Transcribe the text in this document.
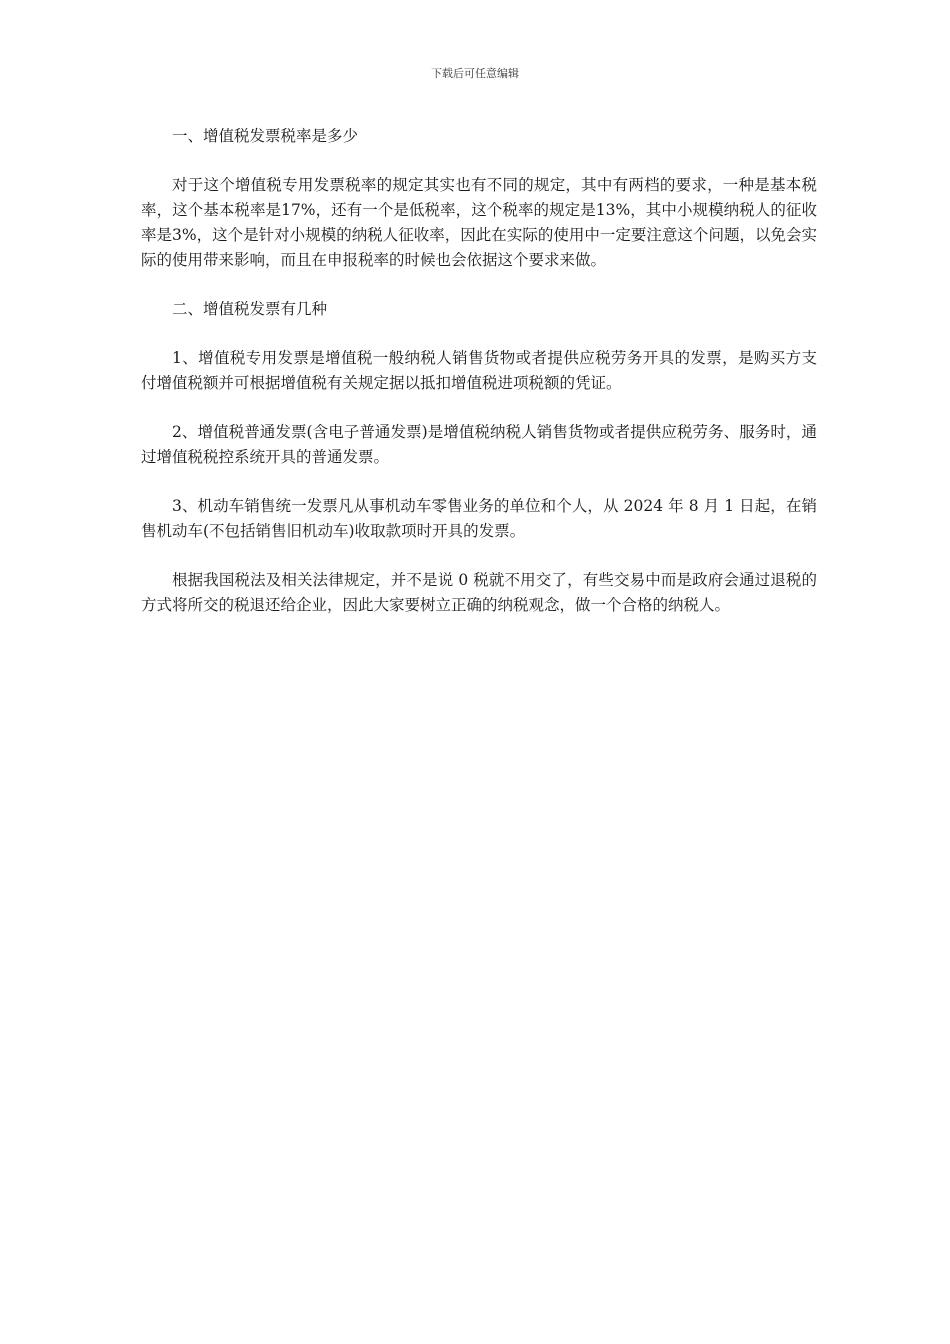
下载后可任意编辑

一、增值税发票税率是多少

对于这个增值税专用发票税率的规定其实也有不同的规定，其中有两档的要求，一种是基本税率，这个基本税率是17%，还有一个是低税率，这个税率的规定是13%，其中小规模纳税人的征收率是3%，这个是针对小规模的纳税人征收率，因此在实际的使用中一定要注意这个问题，以免会实际的使用带来影响，而且在申报税率的时候也会依据这个要求来做。

二、增值税发票有几种

1、增值税专用发票是增值税一般纳税人销售货物或者提供应税劳务开具的发票，是购买方支付增值税额并可根据增值税有关规定据以抵扣增值税进项税额的凭证。

2、增值税普通发票(含电子普通发票)是增值税纳税人销售货物或者提供应税劳务、服务时，通过增值税税控系统开具的普通发票。

3、机动车销售统一发票凡从事机动车零售业务的单位和个人，从 2024 年 8 月 1 日起，在销售机动车(不包括销售旧机动车)收取款项时开具的发票。

根据我国税法及相关法律规定，并不是说 0 税就不用交了，有些交易中而是政府会通过退税的方式将所交的税退还给企业，因此大家要树立正确的纳税观念，做一个合格的纳税人。
